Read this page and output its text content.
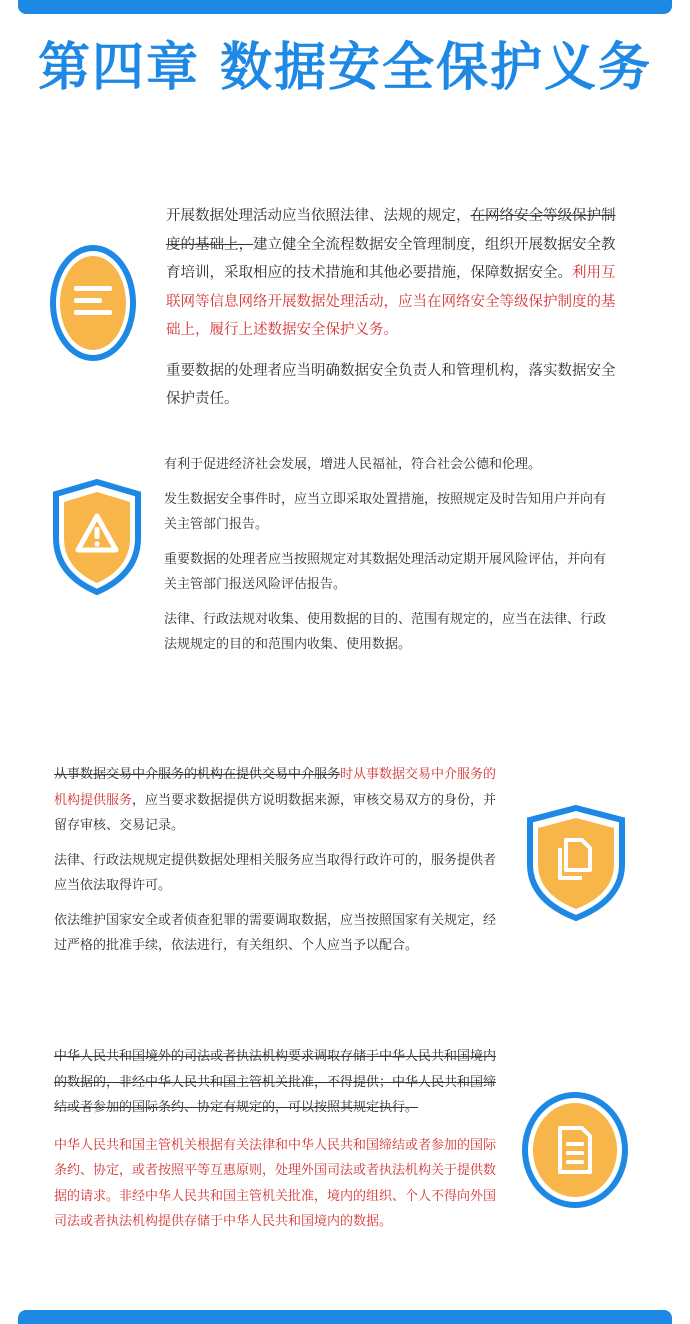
第四章 数据安全保护义务

开展数据处理活动应当依照法律、法规的规定，在网络安全等级保护制度的基础上，建立健全全流程数据安全管理制度，组织开展数据安全教育培训，采取相应的技术措施和其他必要措施，保障数据安全。利用互联网等信息网络开展数据处理活动，应当在网络安全等级保护制度的基础上，履行上述数据安全保护义务。

重要数据的处理者应当明确数据安全负责人和管理机构，落实数据安全保护责任。

有利于促进经济社会发展，增进人民福祉，符合社会公德和伦理。

发生数据安全事件时，应当立即采取处置措施，按照规定及时告知用户并向有关主管部门报告。

重要数据的处理者应当按照规定对其数据处理活动定期开展风险评估，并向有关主管部门报送风险评估报告。

法律、行政法规对收集、使用数据的目的、范围有规定的，应当在法律、行政法规规定的目的和范围内收集、使用数据。

从事数据交易中介服务的机构在提供交易中介服务时从事数据交易中介服务的机构提供服务，应当要求数据提供方说明数据来源，审核交易双方的身份，并留存审核、交易记录。

法律、行政法规规定提供数据处理相关服务应当取得行政许可的，服务提供者应当依法取得许可。

依法维护国家安全或者侦查犯罪的需要调取数据，应当按照国家有关规定，经过严格的批准手续，依法进行，有关组织、个人应当予以配合。

中华人民共和国境外的司法或者执法机构要求调取存储于中华人民共和国境内的数据的，非经中华人民共和国主管机关批准，不得提供；中华人民共和国缔结或者参加的国际条约、协定有规定的，可以按照其规定执行。

中华人民共和国主管机关根据有关法律和中华人民共和国缔结或者参加的国际条约、协定，或者按照平等互惠原则，处理外国司法或者执法机构关于提供数据的请求。非经中华人民共和国主管机关批准，境内的组织、个人不得向外国司法或者执法机构提供存储于中华人民共和国境内的数据。
